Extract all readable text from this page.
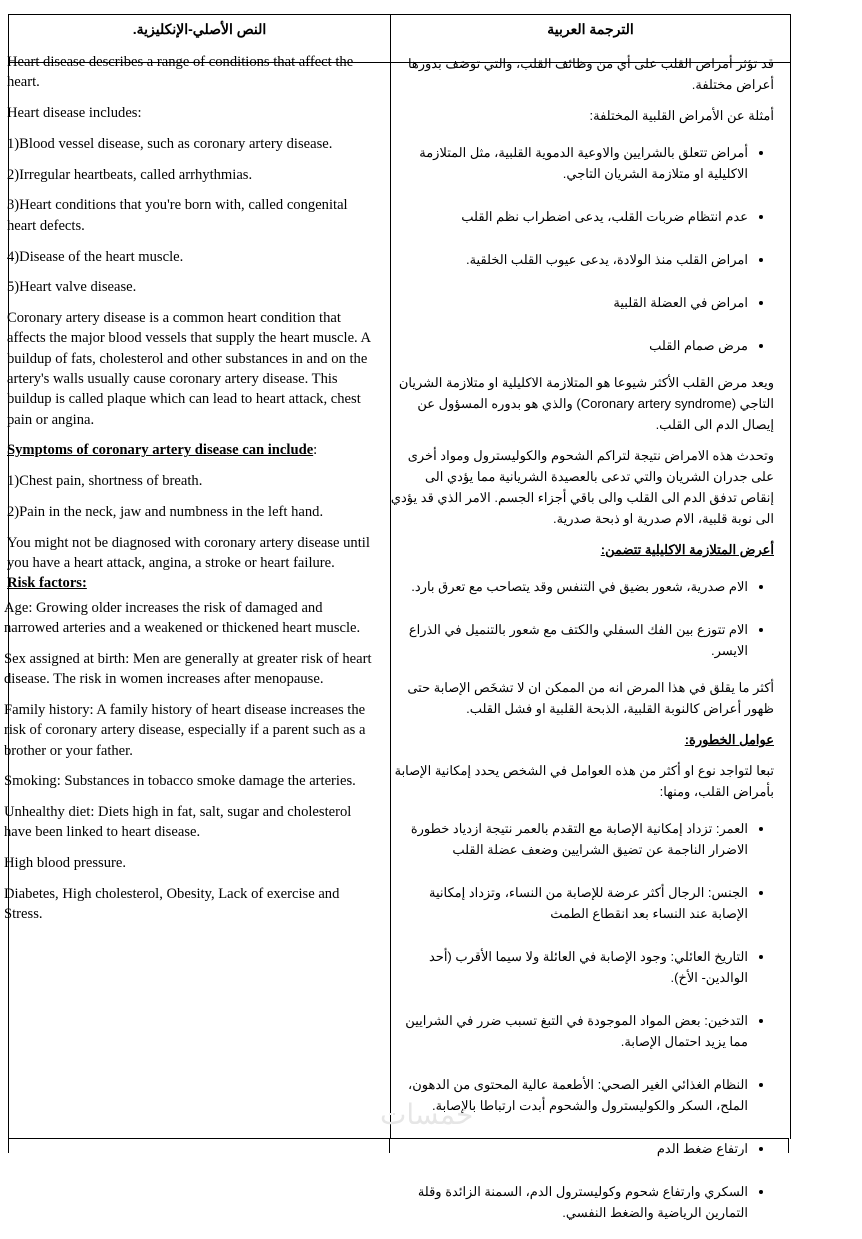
النص الأصلي-الإنكليزية.	الترجمة العربية

Heart disease describes a range of conditions that affect the heart.

Heart disease includes:

1)Blood vessel disease, such as coronary artery disease.

2)Irregular heartbeats, called arrhythmias.

3)Heart conditions that you're born with, called congenital heart defects.

4)Disease of the heart muscle.

5)Heart valve disease.

Coronary artery disease is a common heart condition that affects the major blood vessels that supply the heart muscle. A buildup of fats, cholesterol and other substances in and on the artery's walls usually cause coronary artery disease. This buildup is called plaque which can lead to heart attack, chest pain or angina.

Symptoms of coronary artery disease can include:

1)Chest pain, shortness of breath.

2)Pain in the neck, jaw and numbness in the left hand.

You might not be diagnosed with coronary artery disease until you have a heart attack, angina, a stroke or heart failure.

Risk factors:

Age: Growing older increases the risk of damaged and narrowed arteries and a weakened or thickened heart muscle.

Sex assigned at birth: Men are generally at greater risk of heart disease. The risk in women increases after menopause.

Family history: A family history of heart disease increases the risk of coronary artery disease, especially if a parent such as a brother or your father.

Smoking: Substances in tobacco smoke damage the arteries.

Unhealthy diet: Diets high in fat, salt, sugar and cholesterol have been linked to heart disease.

High blood pressure.

Diabetes, High cholesterol, Obesity, Lack of exercise and Stress.

قد تؤثر أمراض القلب على أي من وظائف القلب، والتي توصَف بدورها أعراض مختلفة.

أمثلة عن الأمراض القلبية المختلفة:

• أمراض تتعلق بالشرايين والاوعية الدموية القلبية، مثل المتلازمة الاكليلية او متلازمة الشريان التاجي.
• عدم انتظام ضربات القلب، يدعى اضطراب نظم القلب
• امراض القلب منذ الولادة، يدعى عيوب القلب الخلقية.
• امراض في العضلة القلبية
• مرض صمام القلب

ويعد مرض القلب الأكثر شيوعا هو المتلازمة الاكليلية او متلازمة الشريان التاجي (Coronary artery syndrome) والذي هو بدوره المسؤول عن إيصال الدم الى القلب.

وتحدث هذه الامراض نتيجة لتراكم الشحوم والكوليسترول ومواد أخرى على جدران الشريان والتي تدعى بالعصيدة الشريانية مما يؤدي الى إنقاص تدفق الدم الى القلب والى باقي أجزاء الجسم. الامر الذي قد يؤدي الى نوبة قلبية، الام صدرية او ذبحة صدرية.

أعرض المتلازمة الاكليلية تتضمن:

• الام صدرية، شعور بضيق في التنفس وقد يتصاحب مع تعرق بارد.
• الام تتوزع بين الفك السفلي والكتف مع شعور بالتنميل في الذراع الايسر.

أكثر ما يقلق في هذا المرض انه من الممكن ان لا تشخَص الإصابة حتى ظهور أعراض كالنوبة القلبية، الذبحة القلبية او فشل القلب.

عوامل الخطورة:

تبعا لتواجد نوع او أكثر من هذه العوامل في الشخص يحدد إمكانية الإصابة بأمراض القلب، ومنها:

• العمر: تزداد إمكانية الإصابة مع التقدم بالعمر نتيجة ازدياد خطورة الاضرار الناجمة عن تضيق الشرايين وضعف عضلة القلب
• الجنس: الرجال أكثر عرضة للإصابة من النساء، وتزداد إمكانية الإصابة عند النساء بعد انقطاع الطمث
• التاريخ العائلي: وجود الإصابة في العائلة ولا سيما الأقرب (أحد الوالدين- الأخ).
• التدخين: بعض المواد الموجودة في التبغ تسبب ضرر في الشرايين مما يزيد احتمال الإصابة.
• النظام الغذائي الغير الصحي: الأطعمة عالية المحتوى من الدهون، الملح، السكر والكوليسترول والشحوم أبدت ارتباطا بالإصابة.
• ارتفاع ضغط الدم
• السكري وارتفاع شحوم وكوليسترول الدم، السمنة الزائدة وقلة التمارين الرياضية والضغط النفسي.
خمسات
